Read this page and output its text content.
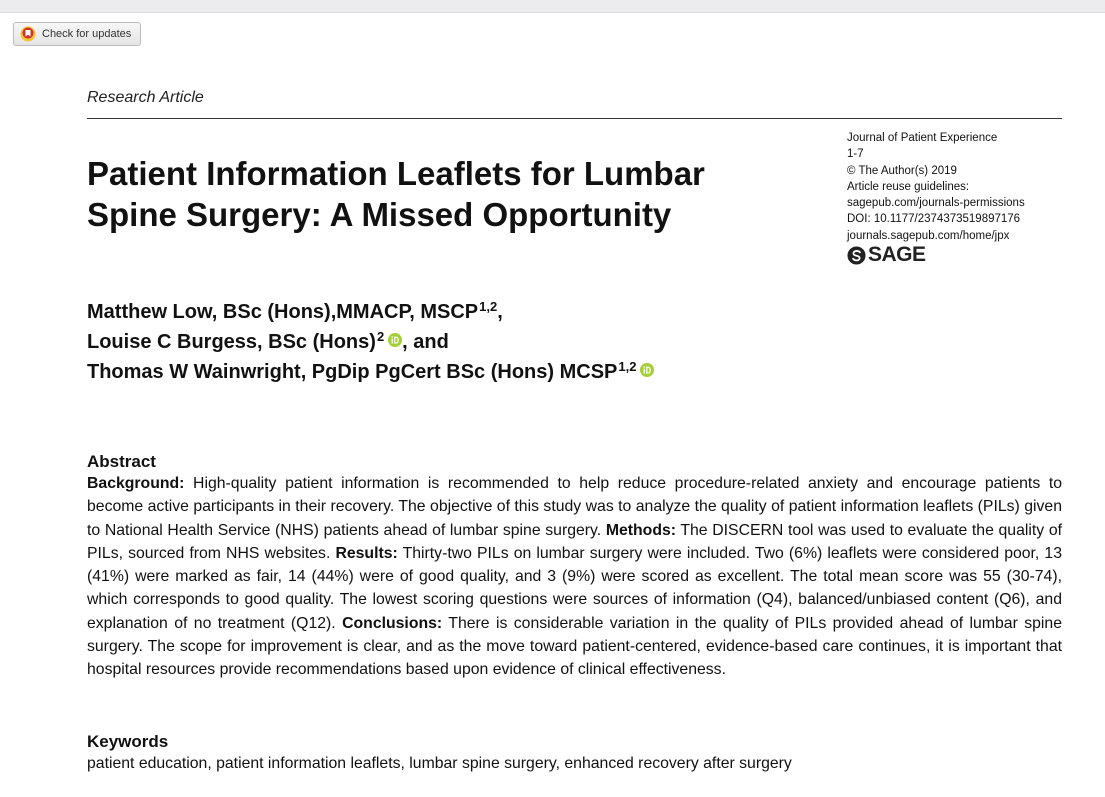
Check for updates
Research Article
Patient Information Leaflets for Lumbar
Spine Surgery: A Missed Opportunity
Journal of Patient Experience
1-7
© The Author(s) 2019
Article reuse guidelines:
sagepub.com/journals-permissions
DOI: 10.1177/2374373519897176
journals.sagepub.com/home/jpx
SAGE
Matthew Low, BSc (Hons),MMACP, MSCP$^{1,2}$ ,
Louise C Burgess, BSc (Hons)$^2$ , and
Thomas W Wainwright, PgDip PgCert BSc (Hons) MCSP$^{1,2}$
Abstract

Background: High-quality patient information is recommended to help reduce procedure-related anxiety and encourage patients to become active participants in their recovery. The objective of this study was to analyze the quality of patient information leaflets (PILs) given to National Health Service (NHS) patients ahead of lumbar spine surgery. Methods: The DISCERN tool was used to evaluate the quality of PILs, sourced from NHS websites. Results: Thirty-two PILs on lumbar surgery were included. Two (6%) leaflets were considered poor, 13 (41%) were marked as fair, 14 (44%) were of good quality, and 3 (9%) were scored as excellent. The total mean score was 55 (30-74), which corresponds to good quality. The lowest scoring questions were sources of information (Q4), balanced/unbiased content (Q6), and explanation of no treatment (Q12). Conclusions: There is considerable variation in the quality of PILs provided ahead of lumbar spine surgery. The scope for improvement is clear, and as the move toward patient-centered, evidence-based care continues, it is important that hospital resources provide recommendations based upon evidence of clinical effectiveness.

Keywords
patient education, patient information leaflets, lumbar spine surgery, enhanced recovery after surgery
